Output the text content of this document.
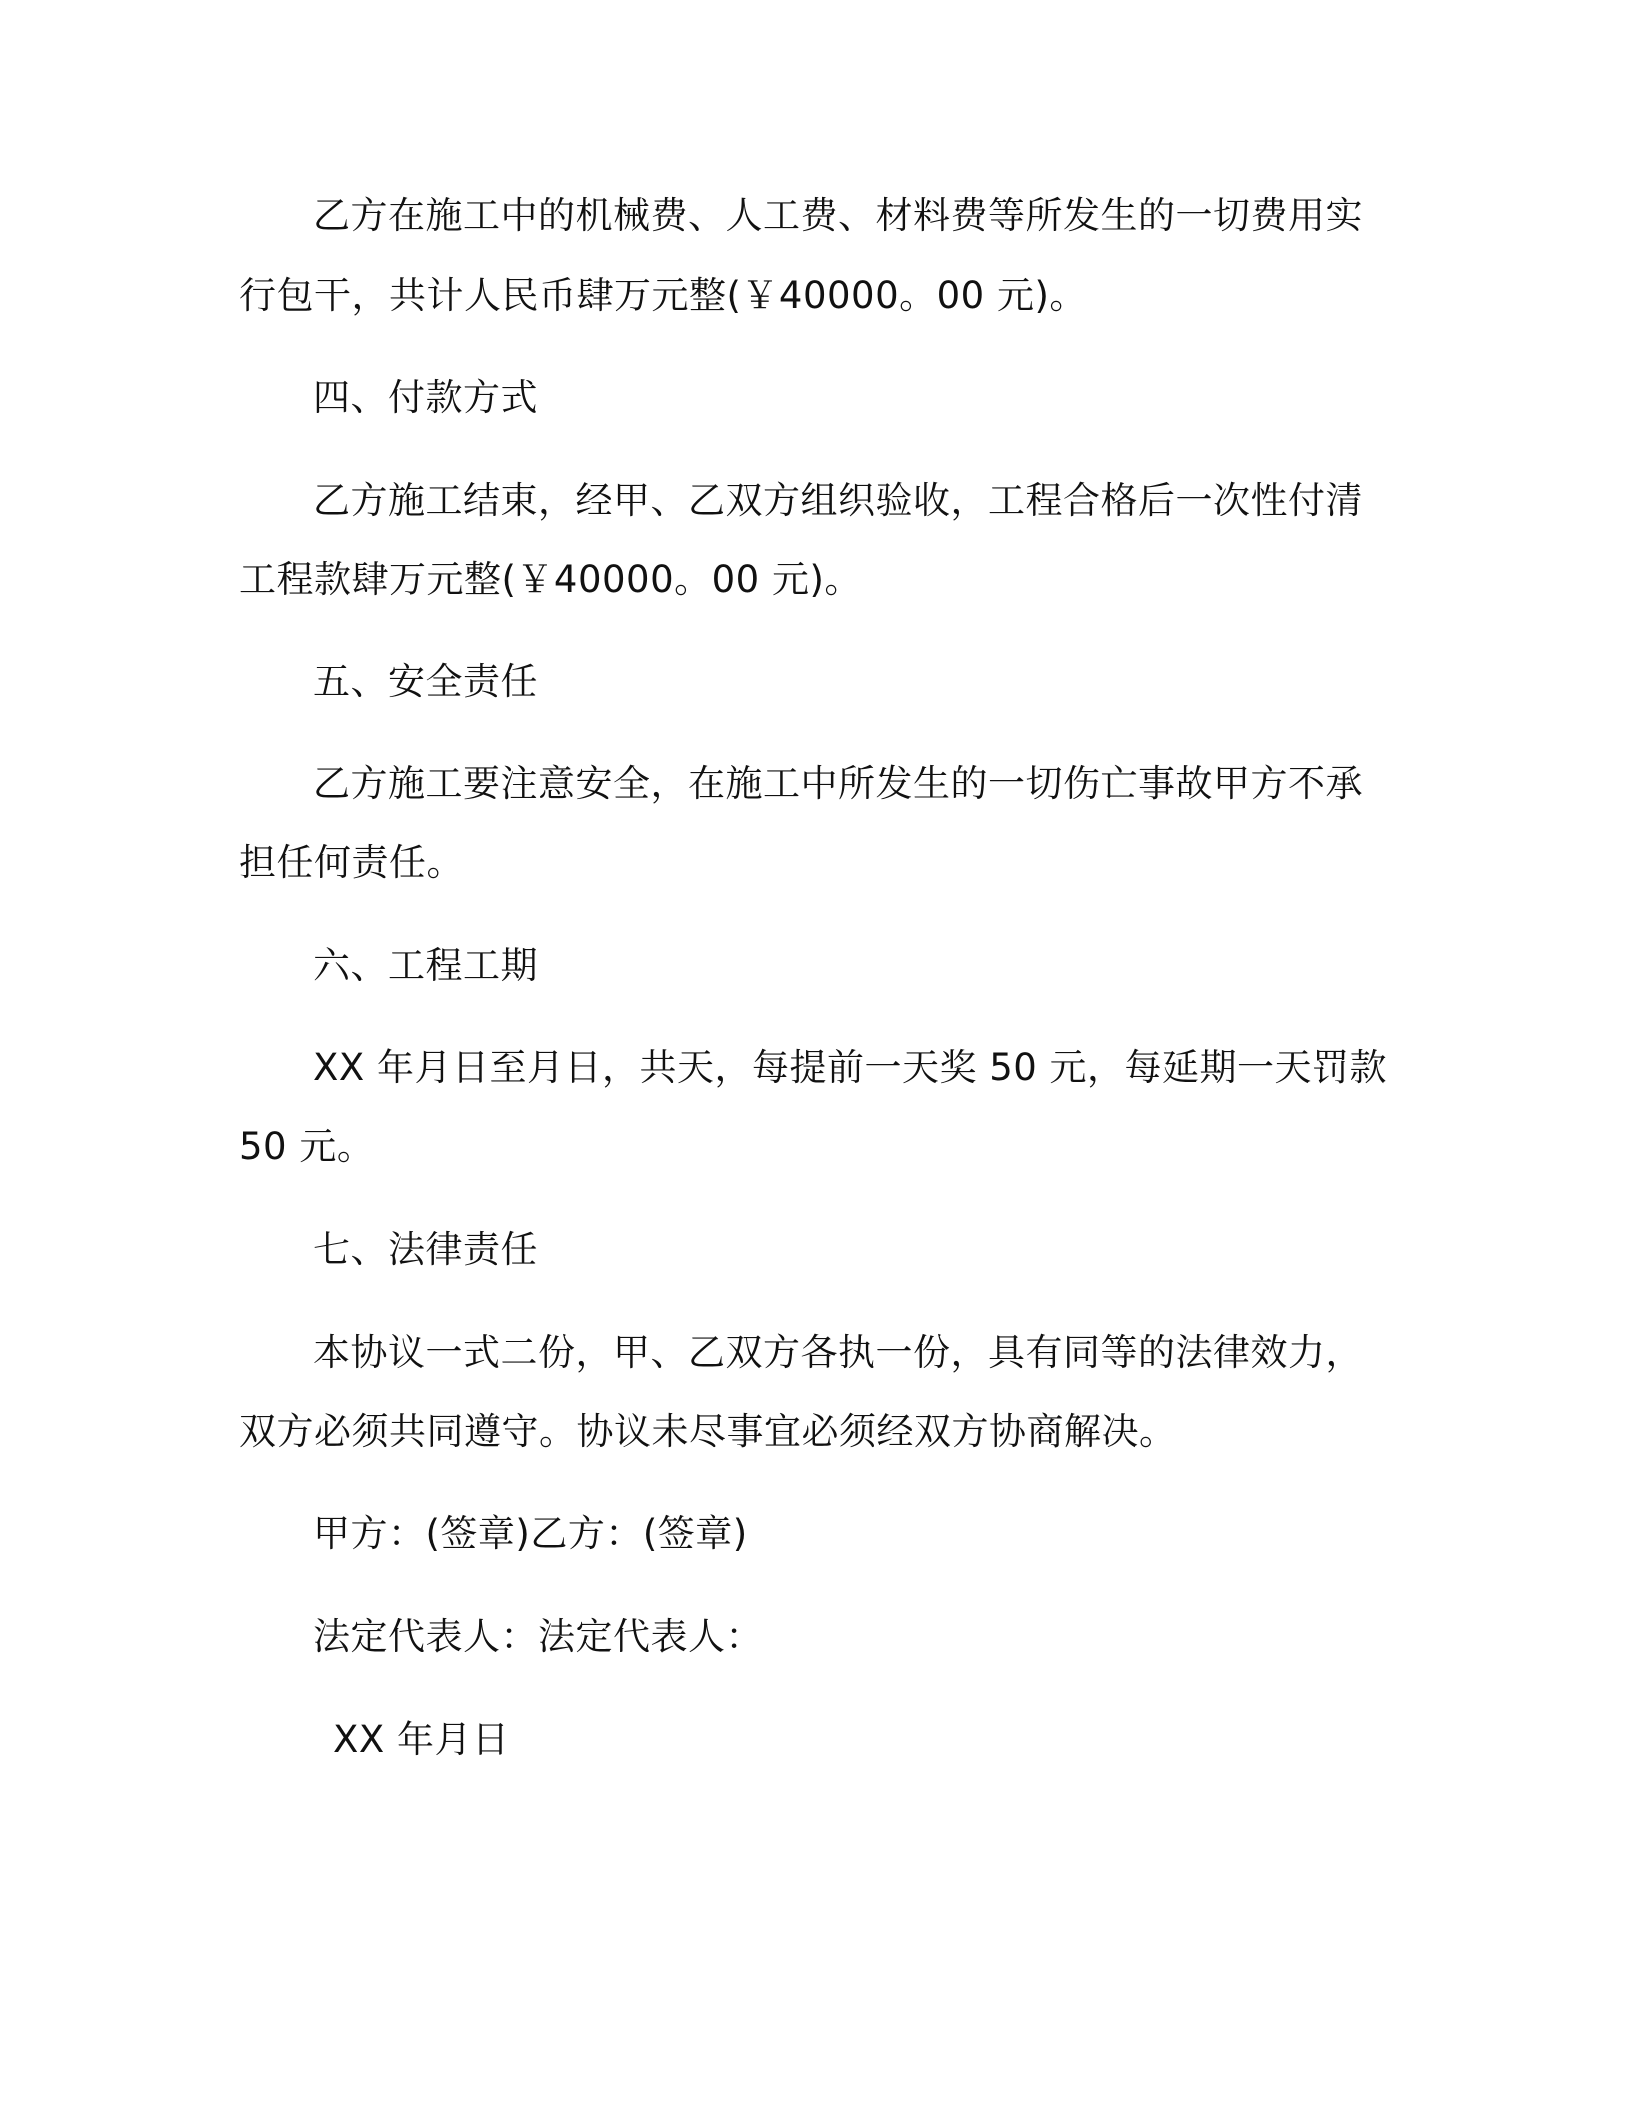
乙方在施工中的机械费、人工费、材料费等所发生的一切费用实
行包干，共计人民币肆万元整(￥40000。00 元)。
四、付款方式
乙方施工结束，经甲、乙双方组织验收，工程合格后一次性付清
工程款肆万元整(￥40000。00 元)。
五、安全责任
乙方施工要注意安全，在施工中所发生的一切伤亡事故甲方不承
担任何责任。
六、工程工期
XX 年月日至月日，共天，每提前一天奖 50 元，每延期一天罚款
50 元。
七、法律责任
本协议一式二份，甲、乙双方各执一份，具有同等的法律效力，
双方必须共同遵守。协议未尽事宜必须经双方协商解决。
甲方：(签章)乙方：(签章)
法定代表人：法定代表人：
XX 年月日
